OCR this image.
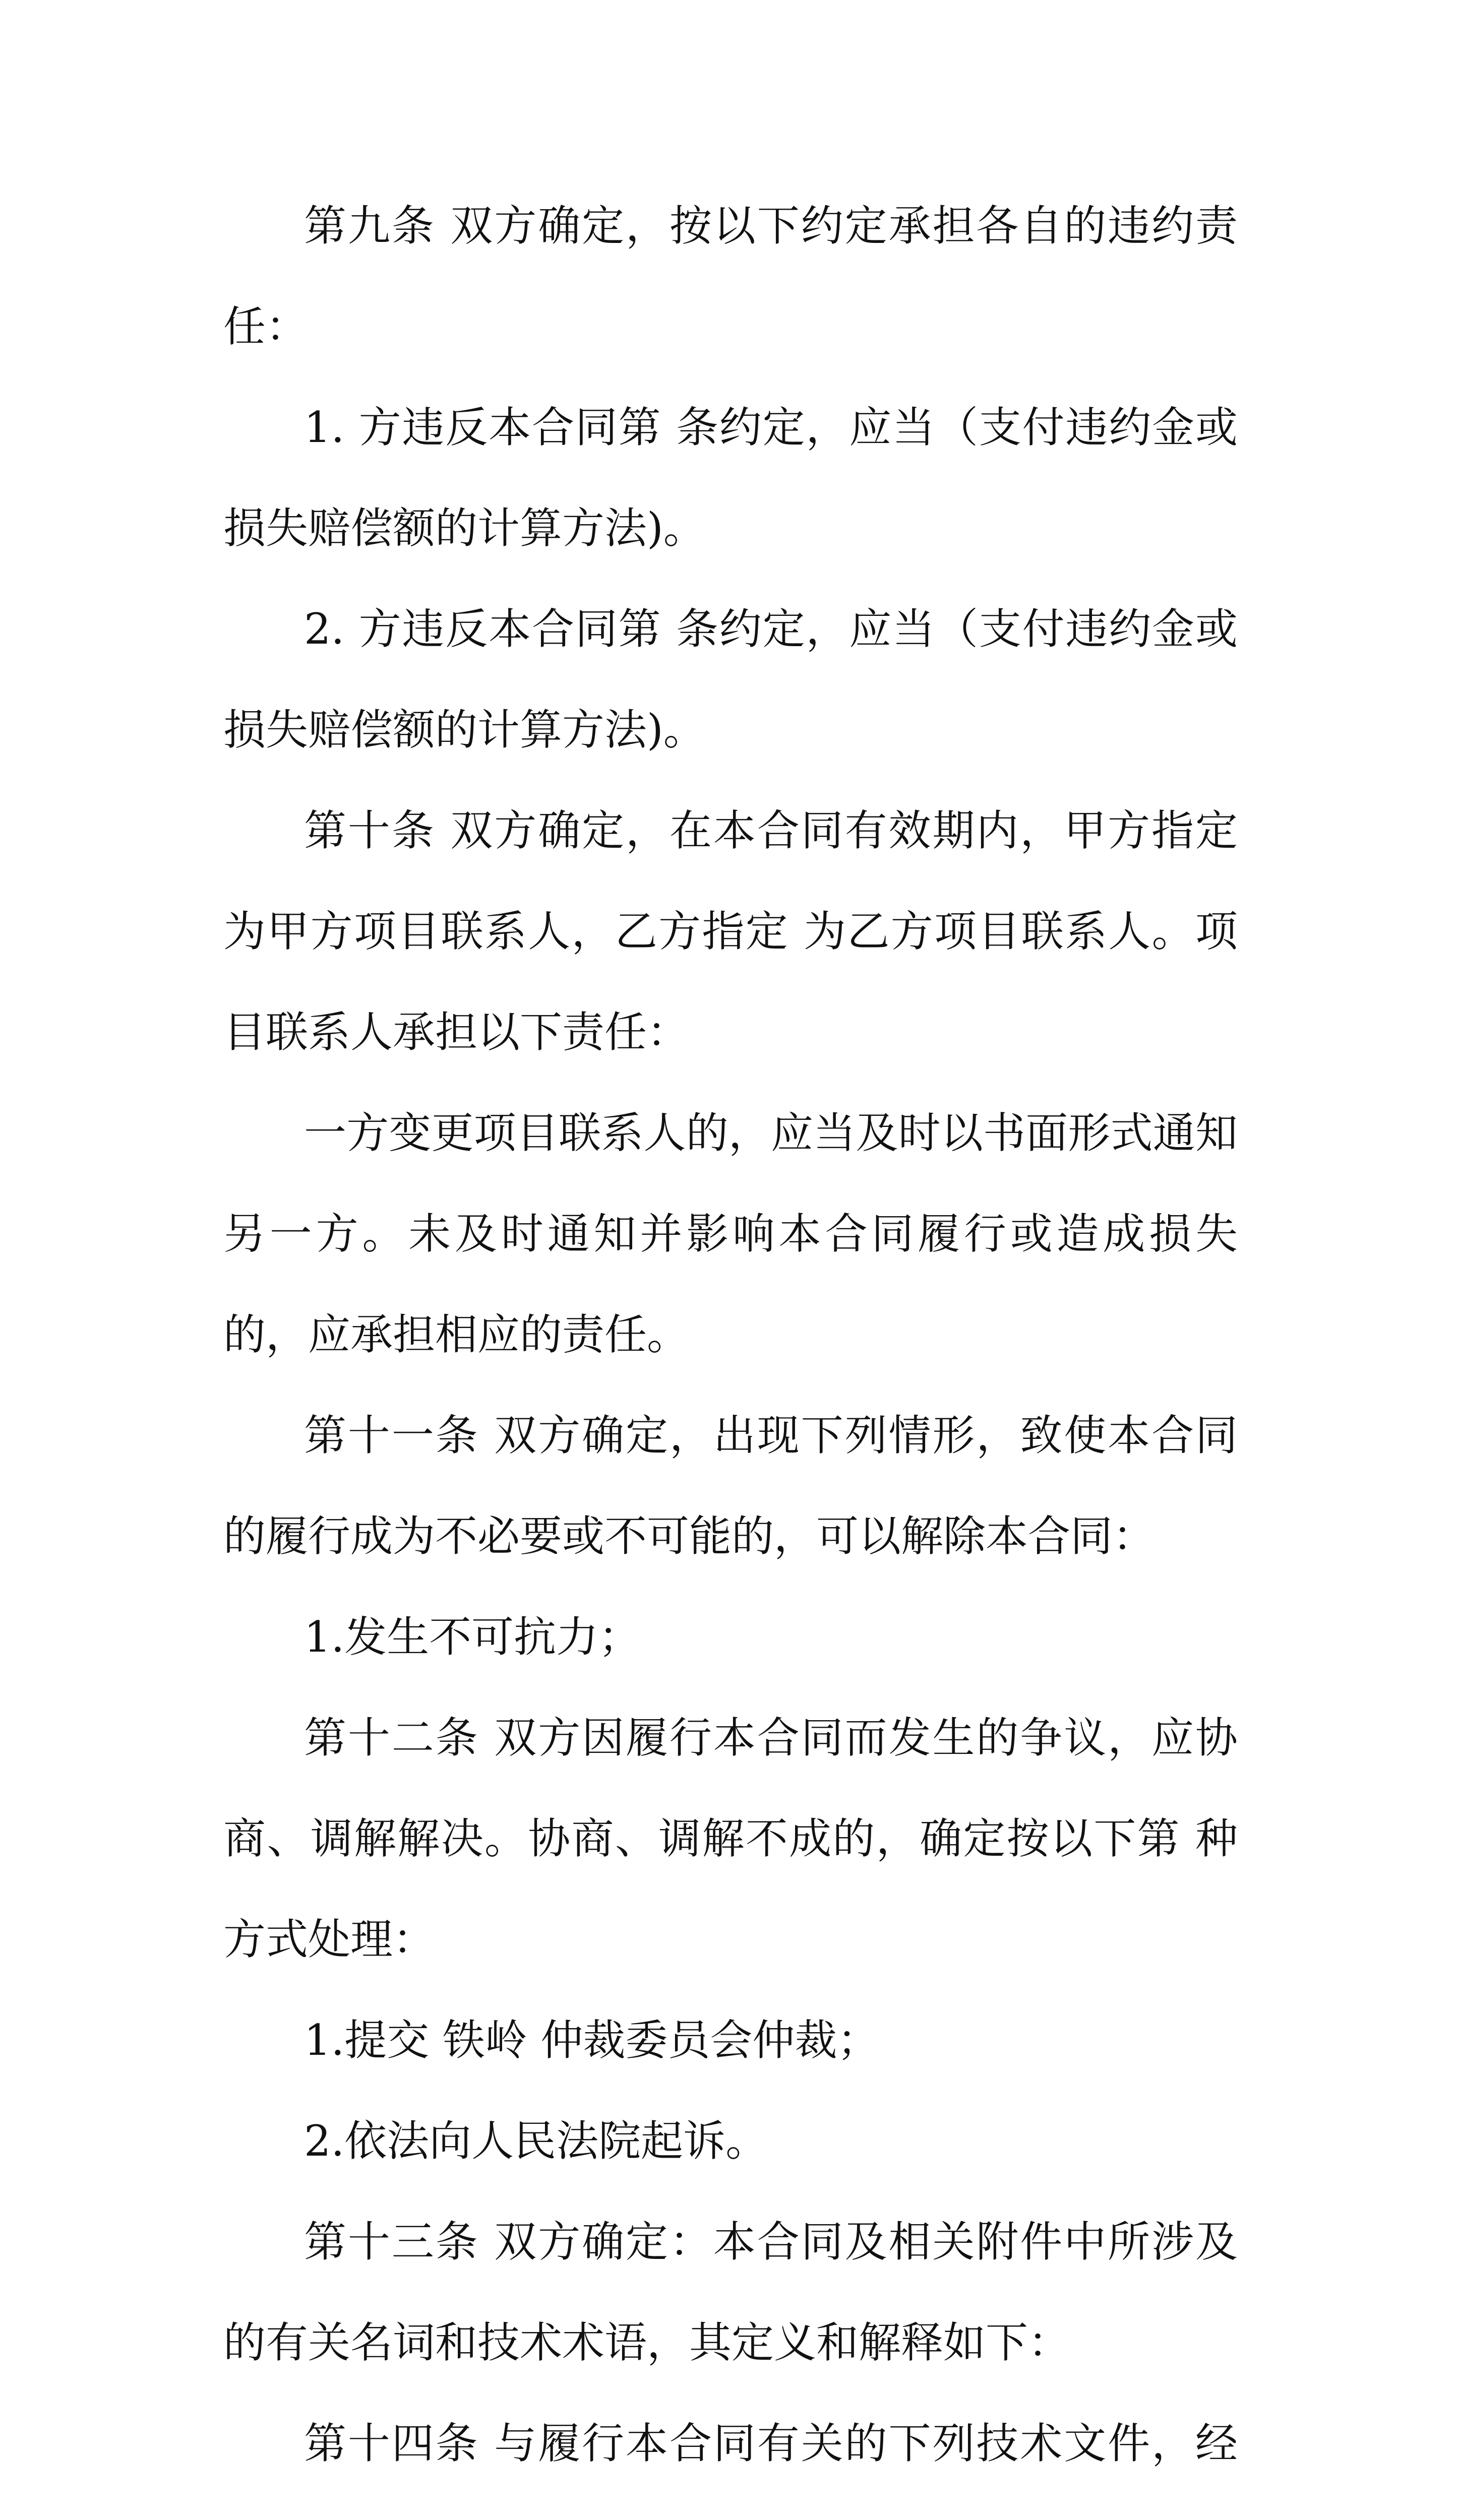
第九条 双方确定，按以下约定承担各自的违约责任：

1. 方违反本合同第 条约定，应当（支付违约金或损失赔偿额的计算方法)。

2. 方违反本合同第 条约定，应当（支付违约金或损失赔偿额的计算方法)。

第十条 双方确定，在本合同有效期内，甲方指定 为甲方项目联系人，乙方指定 为乙方项目联系人。项目联系人承担以下责任：

一方变更项目联系人的，应当及时以书面形式通知另一方。未及时通知并影响本合同履行或造成损失的，应承担相应的责任。

第十一条 双方确定，出现下列情形，致使本合同的履行成为不必要或不可能的，可以解除本合同：

1.发生不可抗力；

第十二条 双方因履行本合同而发生的争议，应协商、调解解决。协商、调解不成的，确定按以下第 种方式处理：

1.提交 铁岭 仲裁委员会仲裁；

2.依法向人民法院起诉。

第十三条 双方确定：本合同及相关附件中所涉及的有关名词和技术术语，其定义和解释如下：

第十四条 与履行本合同有关的下列技术文件，经
